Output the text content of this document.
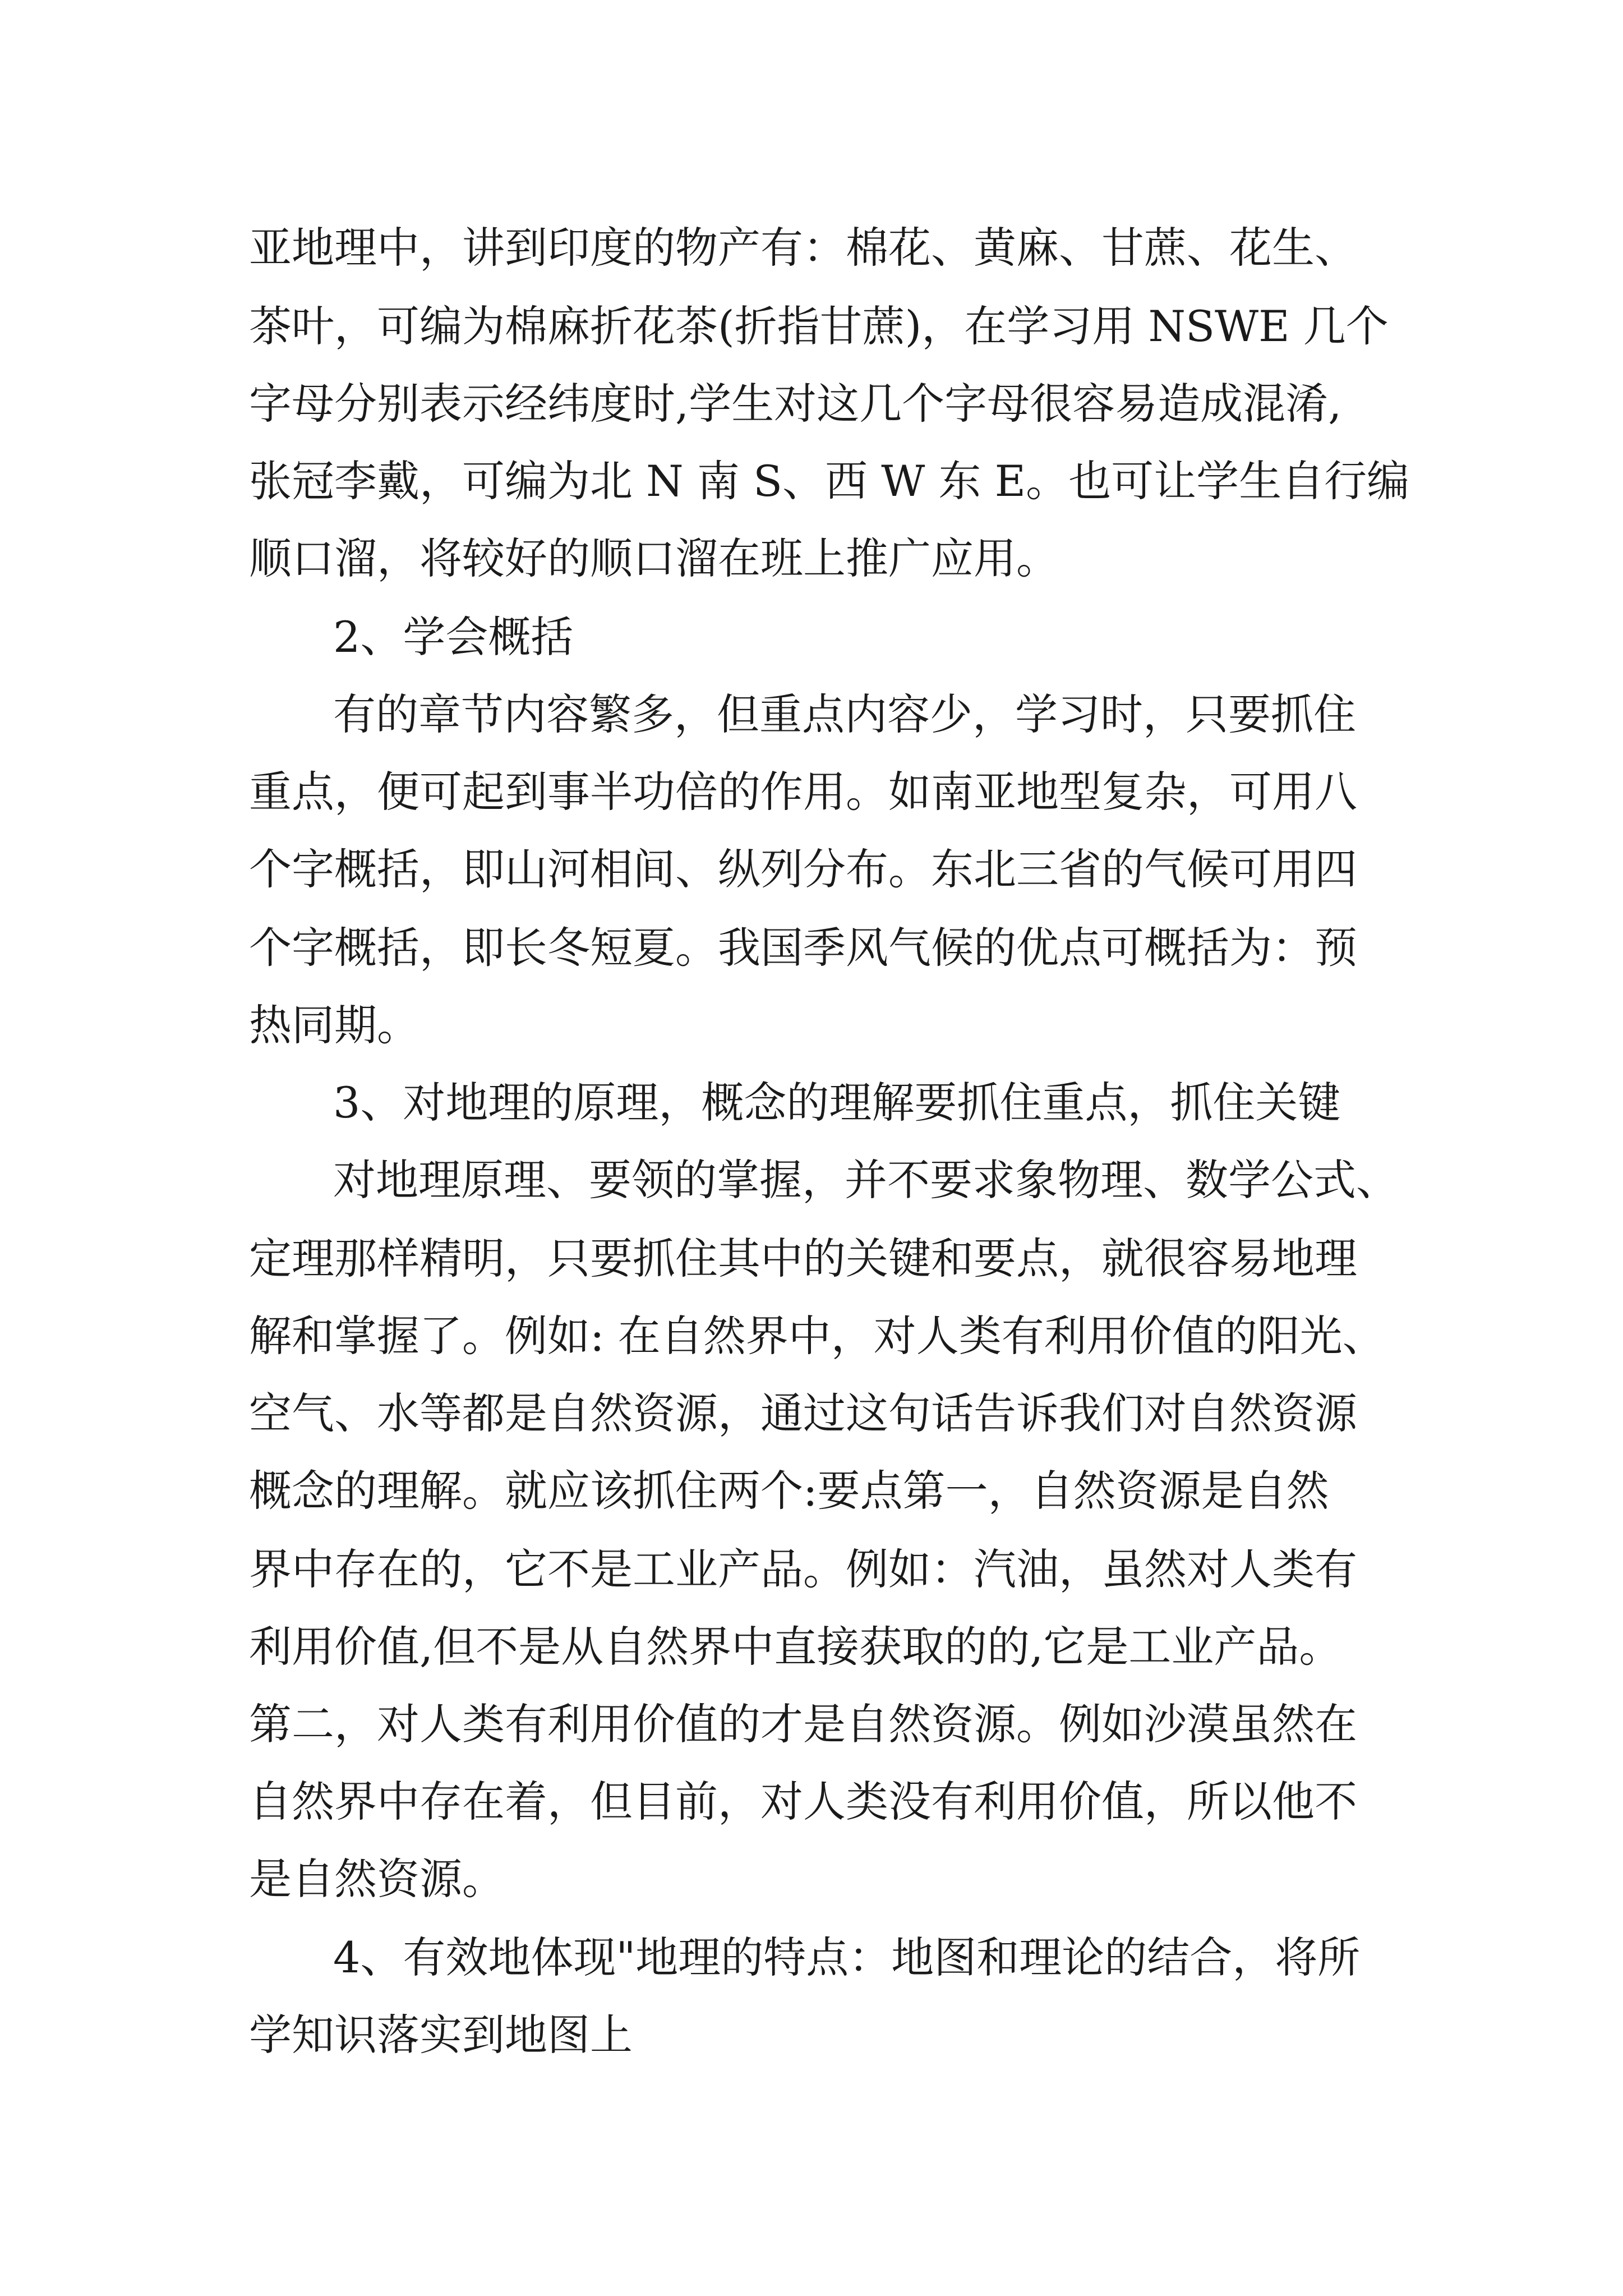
亚地理中，讲到印度的物产有：棉花、黄麻、甘蔗、花生、
茶叶，可编为棉麻折花茶(折指甘蔗)，在学习用 NSWE 几个
字母分别表示经纬度时,学生对这几个字母很容易造成混淆,
张冠李戴，可编为北 N 南 S、西 W 东 E。也可让学生自行编
顺口溜，将较好的顺口溜在班上推广应用。
2、学会概括
有的章节内容繁多，但重点内容少，学习时，只要抓住
重点，便可起到事半功倍的作用。如南亚地型复杂，可用八
个字概括，即山河相间、纵列分布。东北三省的气候可用四
个字概括，即长冬短夏。我国季风气候的优点可概括为：预
热同期。
3、对地理的原理，概念的理解要抓住重点，抓住关键
对地理原理、要领的掌握，并不要求象物理、数学公式、
定理那样精明，只要抓住其中的关键和要点，就很容易地理
解和掌握了。例如: 在自然界中，对人类有利用价值的阳光、
空气、水等都是自然资源，通过这句话告诉我们对自然资源
概念的理解。就应该抓住两个:要点第一，自然资源是自然
界中存在的，它不是工业产品。例如：汽油，虽然对人类有
利用价值,但不是从自然界中直接获取的的,它是工业产品。
第二，对人类有利用价值的才是自然资源。例如沙漠虽然在
自然界中存在着，但目前，对人类没有利用价值，所以他不
是自然资源。
4、有效地体现"地理的特点：地图和理论的结合，将所
学知识落实到地图上
